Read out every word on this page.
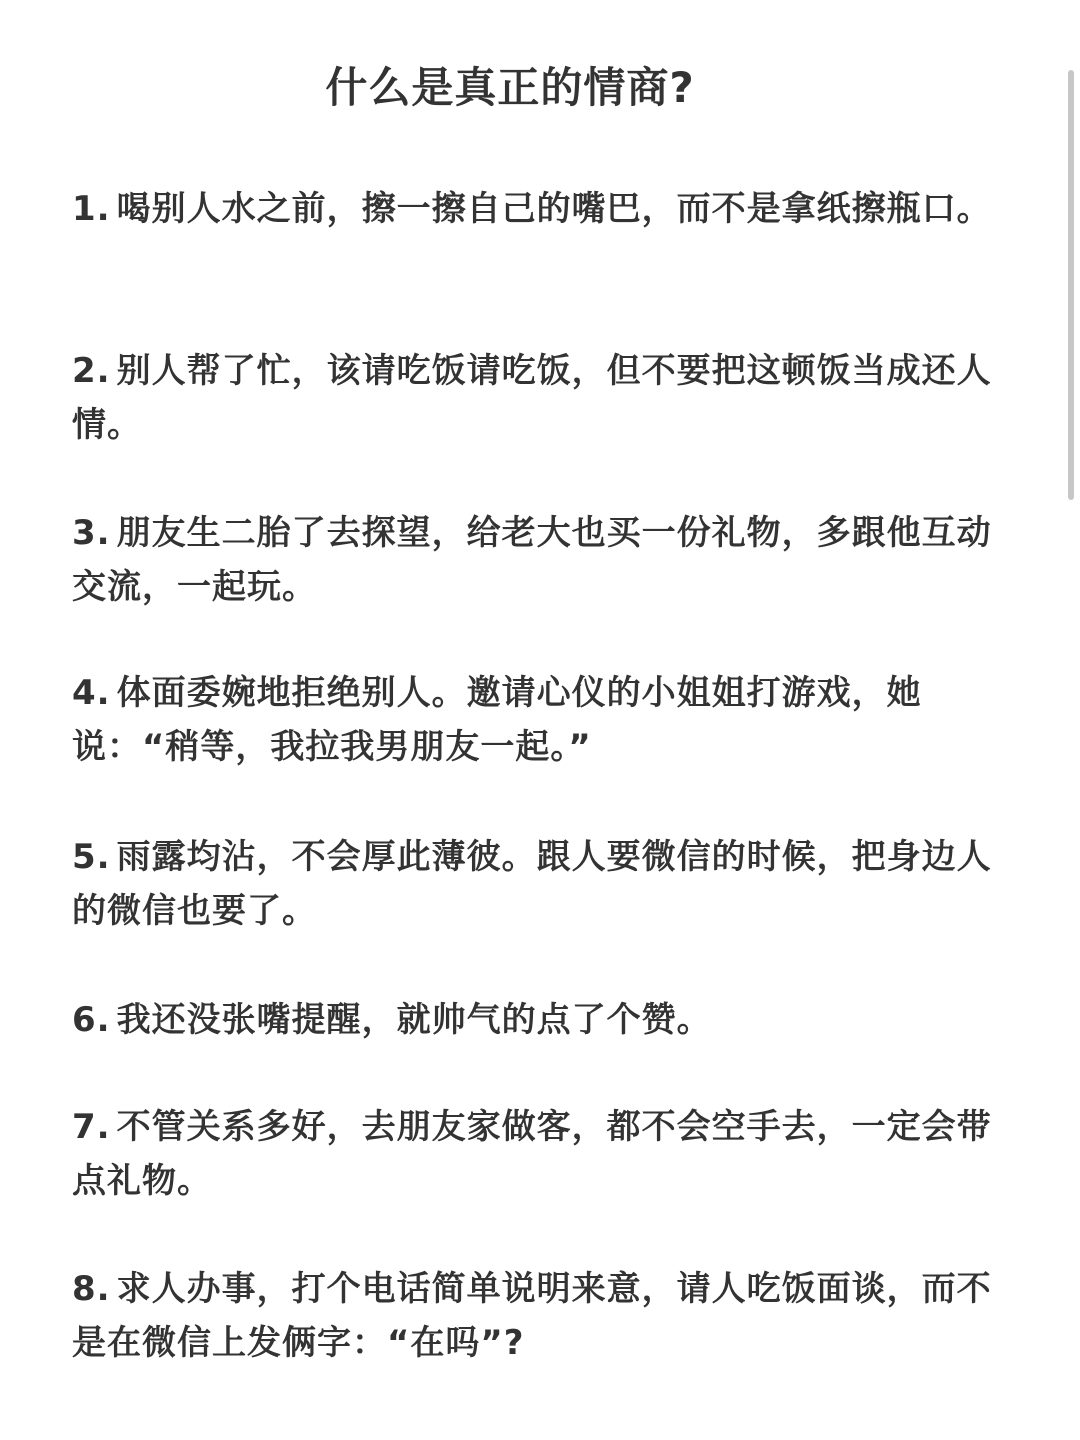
什么是真正的情商?

1. 喝别人水之前，擦一擦自己的嘴巴，而不是拿纸擦瓶口。

2. 别人帮了忙，该请吃饭请吃饭，但不要把这顿饭当成还人情。

3. 朋友生二胎了去探望，给老大也买一份礼物，多跟他互动交流，一起玩。

4. 体面委婉地拒绝别人。邀请心仪的小姐姐打游戏，她说：“稍等，我拉我男朋友一起。”

5. 雨露均沾，不会厚此薄彼。跟人要微信的时候，把身边人的微信也要了。

6. 我还没张嘴提醒，就帅气的点了个赞。

7. 不管关系多好，去朋友家做客，都不会空手去，一定会带点礼物。

8. 求人办事，打个电话简单说明来意，请人吃饭面谈，而不是在微信上发俩字：“在吗”?
